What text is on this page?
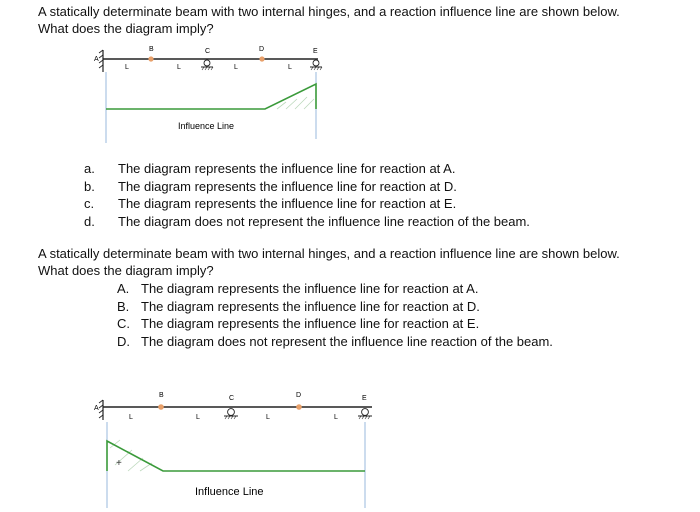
A statically determinate beam with two internal hinges, and a reaction influence line are shown below.
What does the diagram imply?
A
B	C	D	E
L	L	L	L
Influence Line
A
B	C	D	E
L	L	L	L
+
Influence Line
a.	The diagram represents the influence line for reaction at A.
b.	The diagram represents the influence line for reaction at D.
c.	The diagram represents the influence line for reaction at E.
d.	The diagram does not represent the influence line reaction of the beam.
A statically determinate beam with two internal hinges, and a reaction influence line are shown below.
What does the diagram imply?
A. The diagram represents the influence line for reaction at A.
B. The diagram represents the influence line for reaction at D.
C. The diagram represents the influence line for reaction at E.
D. The diagram does not represent the influence line reaction of the beam.
